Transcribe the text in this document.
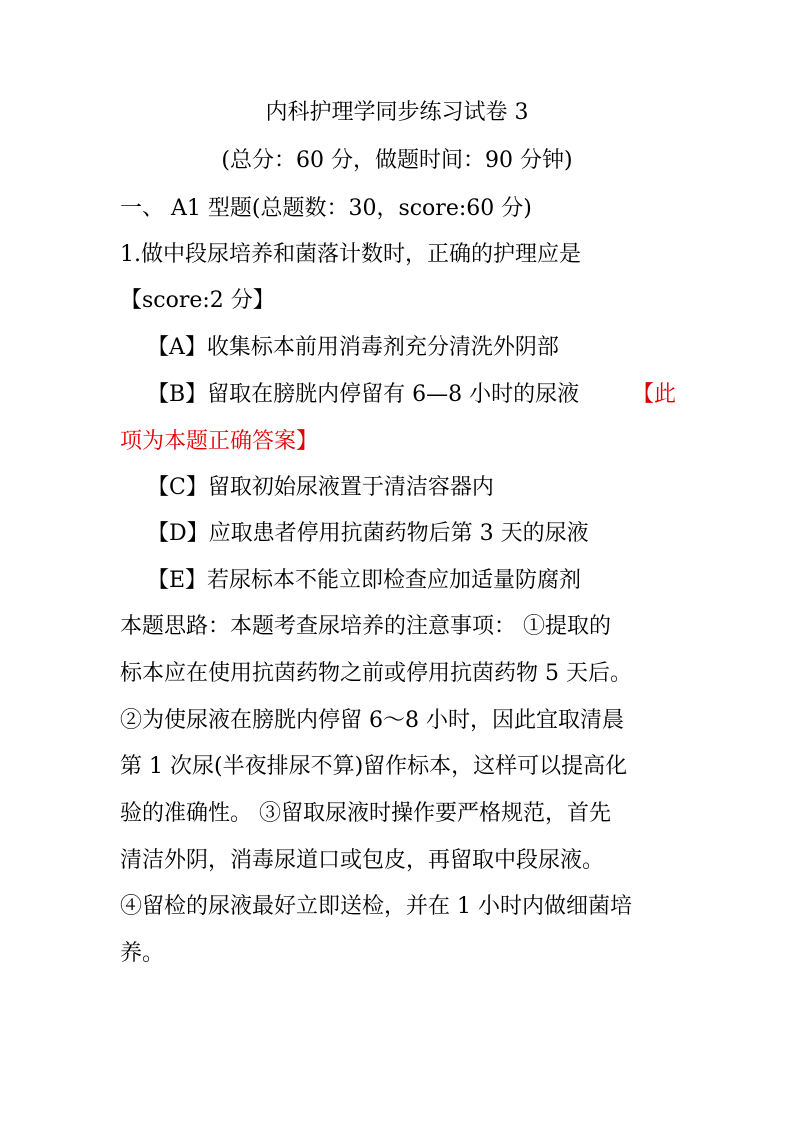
内科护理学同步练习试卷 3
(总分：60 分，做题时间：90 分钟)
一、 A1 型题(总题数：30，score:60 分)
1.做中段尿培养和菌落计数时，正确的护理应是
【score:2 分】
【A】收集标本前用消毒剂充分清洗外阴部
【B】留取在膀胱内停留有 6—8 小时的尿液 【此
项为本题正确答案】
【C】留取初始尿液置于清洁容器内
【D】应取患者停用抗菌药物后第 3 天的尿液
【E】若尿标本不能立即检查应加适量防腐剂
本题思路：本题考查尿培养的注意事项： ①提取的
标本应在使用抗茵药物之前或停用抗茵药物 5 天后。
②为使尿液在膀胱内停留 6～8 小时，因此宜取清晨
第 1 次尿(半夜排尿不算)留作标本，这样可以提高化
验的准确性。 ③留取尿液时操作要严格规范，首先
清洁外阴，消毒尿道口或包皮，再留取中段尿液。
④留检的尿液最好立即送检，并在 1 小时内做细菌培
养。
